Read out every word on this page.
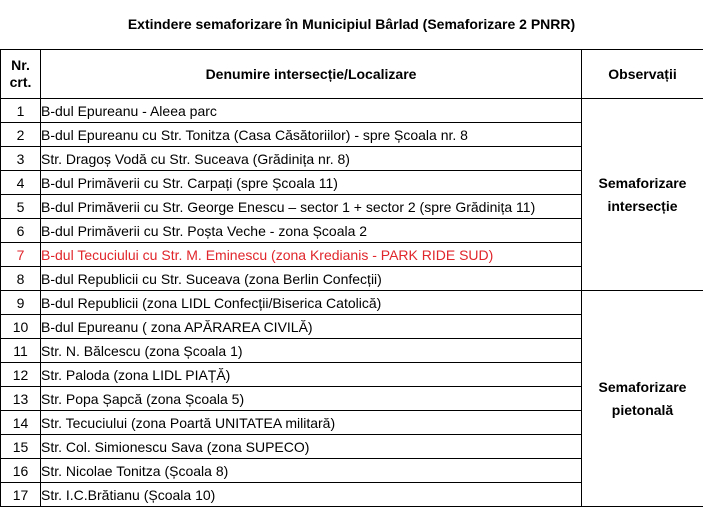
Extindere semaforizare în Municipiul Bârlad (Semaforizare 2 PNRR)
Nr.
crt.	Denumire intersecție/Localizare	Observații
1	B-dul Epureanu - Aleea parc	Semaforizare
intersecție
2	B-dul Epureanu cu Str. Tonitza (Casa Căsătoriilor) - spre Școala nr. 8	
3	Str. Dragoș Vodă cu Str. Suceava (Grădinița nr. 8)	
4	B-dul Primăverii cu Str. Carpați (spre Școala 11)	
5	B-dul Primăverii cu Str. George Enescu – sector 1 + sector 2 (spre Grădinița 11)	
6	B-dul Primăverii cu Str. Poșta Veche - zona Școala 2	
7	B-dul Tecuciului cu Str. M. Eminescu (zona Kredianis - PARK RIDE SUD)	
8	B-dul Republicii cu Str. Suceava (zona Berlin Confecții)	
9	B-dul Republicii (zona LIDL Confecții/Biserica Catolică)	Semaforizare
pietonală
10	B-dul Epureanu ( zona APĂRAREA CIVILĂ)	
11	Str. N. Bălcescu (zona Școala 1)	
12	Str. Paloda (zona LIDL PIAȚĂ)	
13	Str. Popa Șapcă (zona Școala 5)	
14	Str. Tecuciului (zona Poartă UNITATEA militară)	
15	Str. Col. Simionescu Sava (zona SUPECO)	
16	Str. Nicolae Tonitza (Școala 8)	
17	Str. I.C.Brătianu (Școala 10)	
